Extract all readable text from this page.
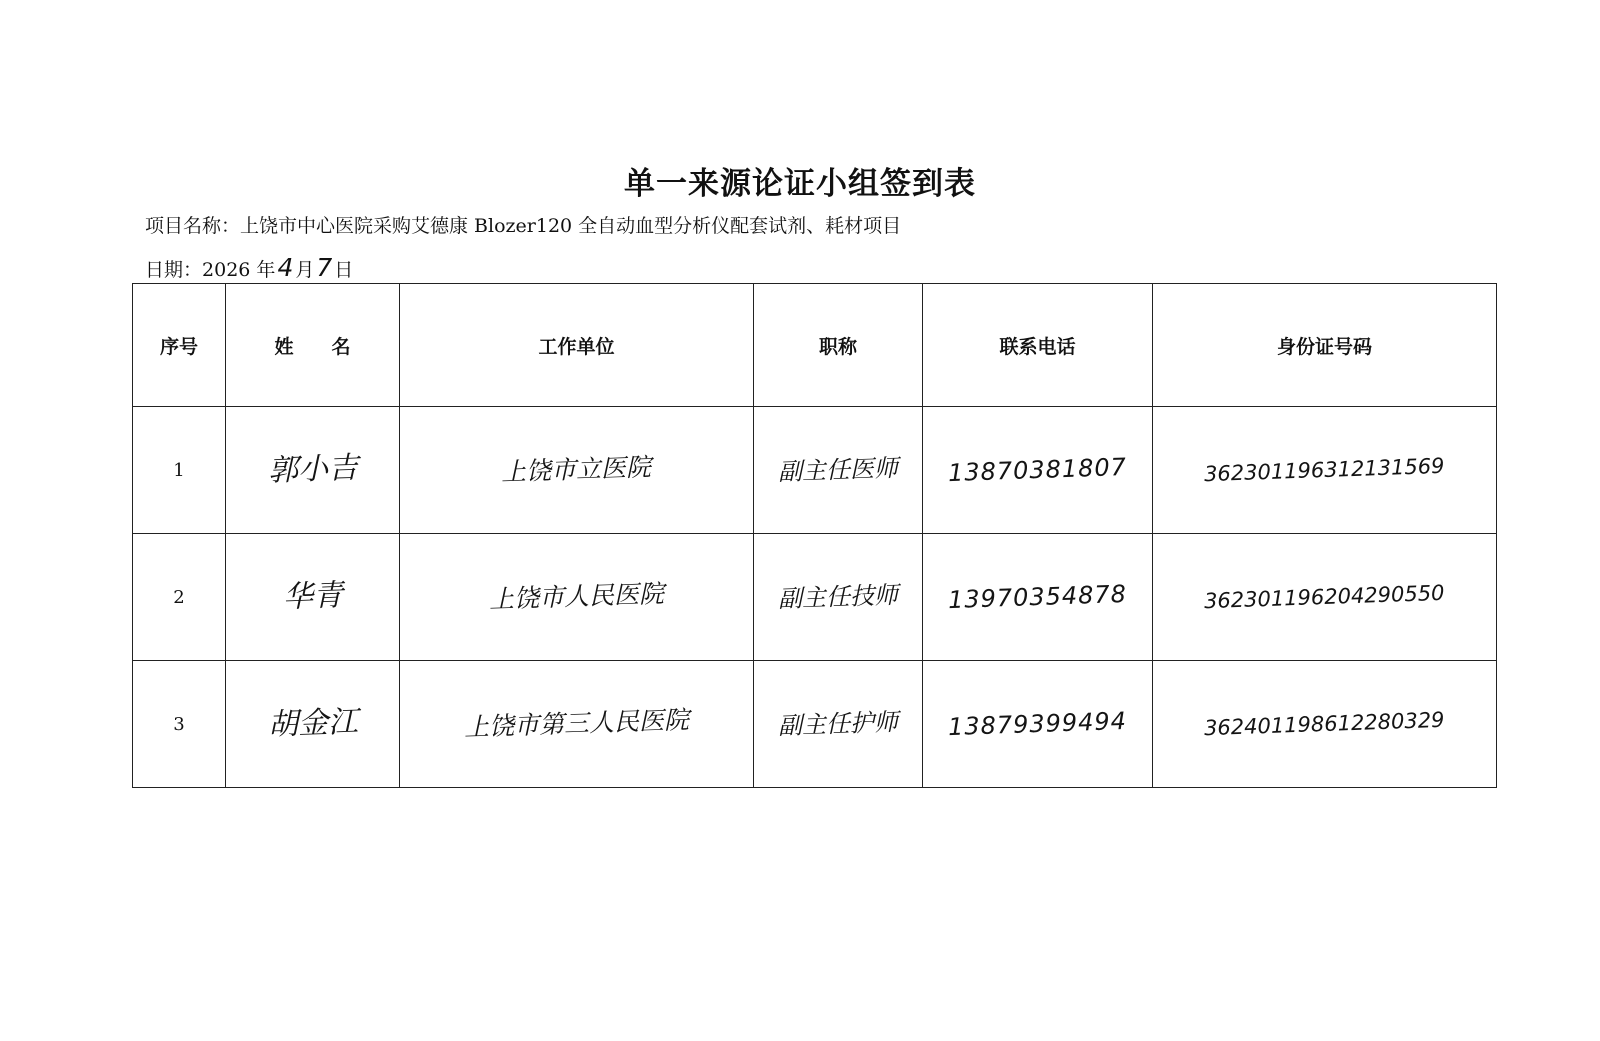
单一来源论证小组签到表
项目名称：上饶市中心医院采购艾德康 Blozer120 全自动血型分析仪配套试剂、耗材项目
日期：2026 年4 月7 日
序号	姓　　名	工作单位	职称	联系电话	身份证号码
1	郭小吉	上饶市立医院	副主任医师	13870381807	362301196312131569
2	华青	上饶市人民医院	副主任技师	13970354878	362301196204290550
3	胡金江	上饶市第三人民医院	副主任护师	13879399494	362401198612280329
